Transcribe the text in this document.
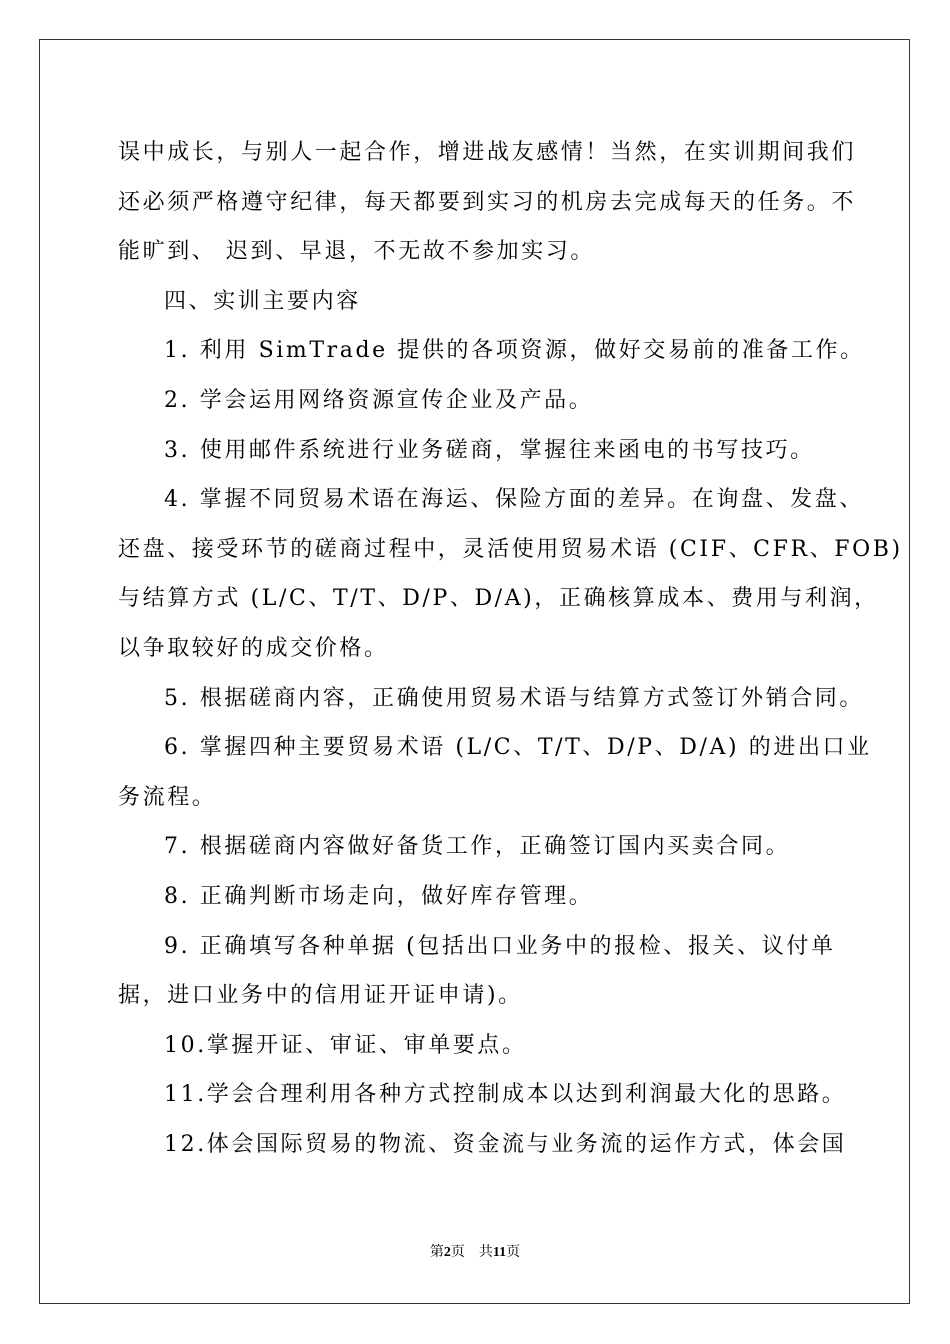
误中成长，与别人一起合作，增进战友感情！当然，在实训期间我们
还必须严格遵守纪律，每天都要到实习的机房去完成每天的任务。不
能旷到、 迟到、早退，不无故不参加实习。
四、实训主要内容
1. 利用 SimTrade 提供的各项资源，做好交易前的准备工作。
2. 学会运用网络资源宣传企业及产品。
3. 使用邮件系统进行业务磋商，掌握往来函电的书写技巧。
4. 掌握不同贸易术语在海运、保险方面的差异。在询盘、发盘、
还盘、接受环节的磋商过程中，灵活使用贸易术语 (CIF、CFR、FOB)
与结算方式 (L/C、T/T、D/P、D/A)，正确核算成本、费用与利润，
以争取较好的成交价格。
5. 根据磋商内容，正确使用贸易术语与结算方式签订外销合同。
6. 掌握四种主要贸易术语 (L/C、T/T、D/P、D/A) 的进出口业
务流程。
7. 根据磋商内容做好备货工作，正确签订国内买卖合同。
8. 正确判断市场走向，做好库存管理。
9. 正确填写各种单据 (包括出口业务中的报检、报关、议付单
据，进口业务中的信用证开证申请)。
10.掌握开证、审证、审单要点。
11.学会合理利用各种方式控制成本以达到利润最大化的思路。
12.体会国际贸易的物流、资金流与业务流的运作方式，体会国
第2页　共11页
